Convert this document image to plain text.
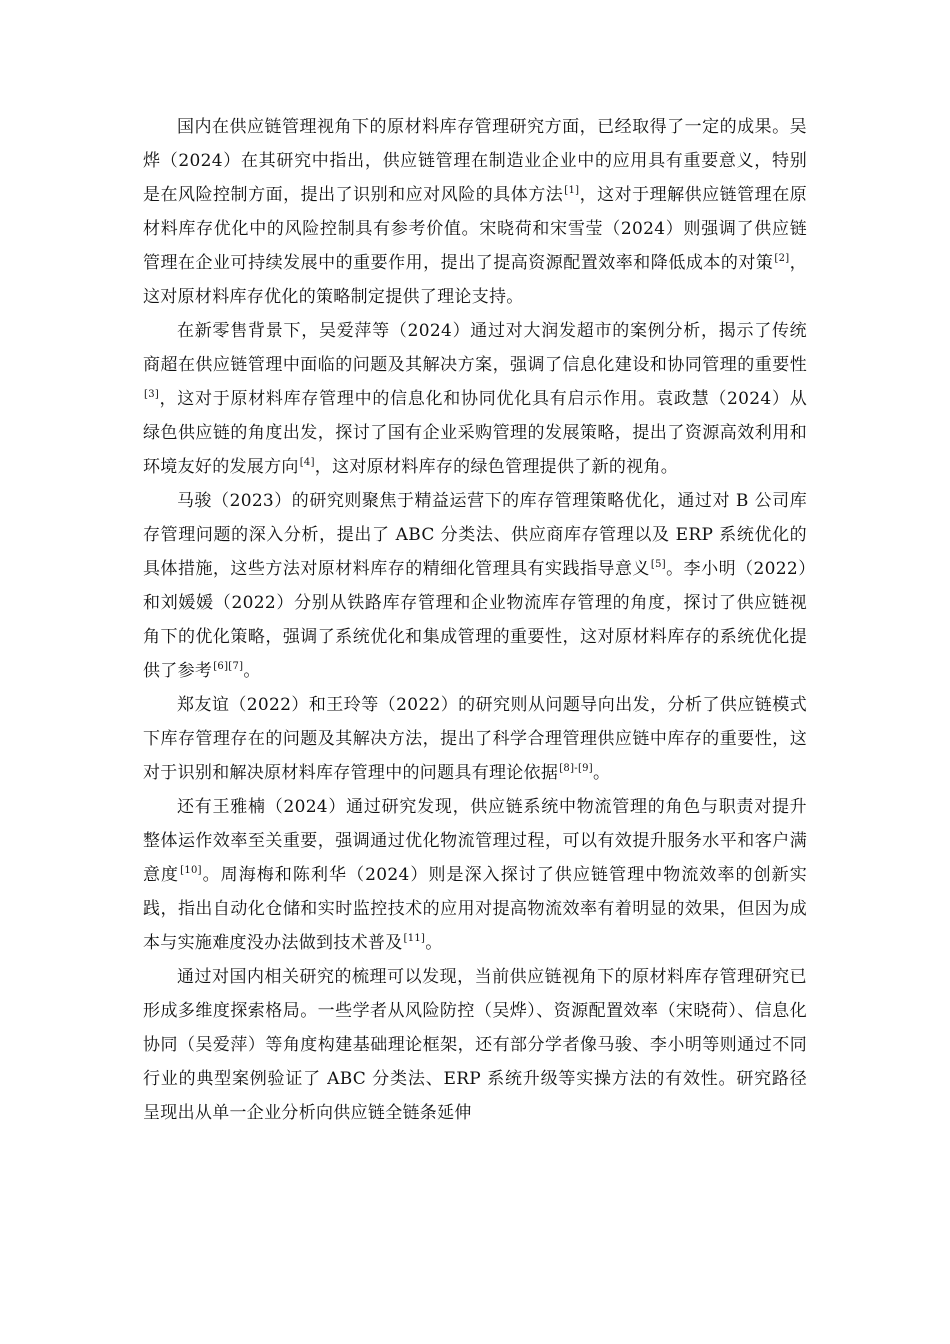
国内在供应链管理视角下的原材料库存管理研究方面，已经取得了一定的成果。吴烨（2024）在其研究中指出，供应链管理在制造业企业中的应用具有重要意义，特别是在风险控制方面，提出了识别和应对风险的具体方法[1]，这对于理解供应链管理在原材料库存优化中的风险控制具有参考价值。宋晓荷和宋雪莹（2024）则强调了供应链管理在企业可持续发展中的重要作用，提出了提高资源配置效率和降低成本的对策[2]，这对原材料库存优化的策略制定提供了理论支持。

在新零售背景下，吴爱萍等（2024）通过对大润发超市的案例分析，揭示了传统商超在供应链管理中面临的问题及其解决方案，强调了信息化建设和协同管理的重要性[3]，这对于原材料库存管理中的信息化和协同优化具有启示作用。袁政慧（2024）从绿色供应链的角度出发，探讨了国有企业采购管理的发展策略，提出了资源高效利用和环境友好的发展方向[4]，这对原材料库存的绿色管理提供了新的视角。

马骏（2023）的研究则聚焦于精益运营下的库存管理策略优化，通过对 B 公司库存管理问题的深入分析，提出了 ABC 分类法、供应商库存管理以及 ERP 系统优化的具体措施，这些方法对原材料库存的精细化管理具有实践指导意义[5]。李小明（2022）和刘媛媛（2022）分别从铁路库存管理和企业物流库存管理的角度，探讨了供应链视角下的优化策略，强调了系统优化和集成管理的重要性，这对原材料库存的系统优化提供了参考[6][7]。

郑友谊（2022）和王玲等（2022）的研究则从问题导向出发，分析了供应链模式下库存管理存在的问题及其解决方法，提出了科学合理管理供应链中库存的重要性，这对于识别和解决原材料库存管理中的问题具有理论依据[8]-[9]。

还有王雅楠（2024）通过研究发现，供应链系统中物流管理的角色与职责对提升整体运作效率至关重要，强调通过优化物流管理过程，可以有效提升服务水平和客户满意度[10]。周海梅和陈利华（2024）则是深入探讨了供应链管理中物流效率的创新实践，指出自动化仓储和实时监控技术的应用对提高物流效率有着明显的效果，但因为成本与实施难度没办法做到技术普及[11]。

通过对国内相关研究的梳理可以发现，当前供应链视角下的原材料库存管理研究已形成多维度探索格局。一些学者从风险防控（吴烨）、资源配置效率（宋晓荷）、信息化协同（吴爱萍）等角度构建基础理论框架，还有部分学者像马骏、李小明等则通过不同行业的典型案例验证了 ABC 分类法、ERP 系统升级等实操方法的有效性。研究路径呈现出从单一企业分析向供应链全链条延伸
